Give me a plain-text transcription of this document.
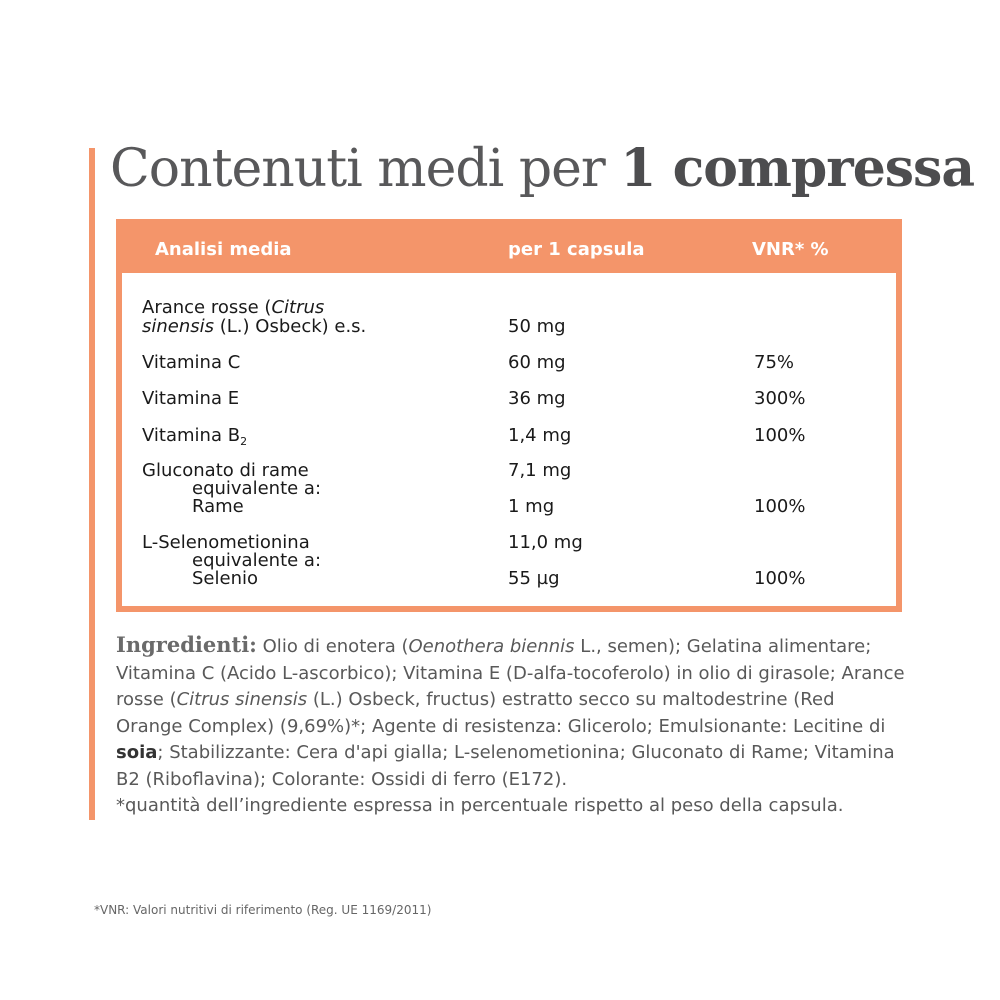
Contenuti medi per 1 compressa
Analisi media	per 1 capsula	VNR* %
Arance rosse (Citrus
sinensis (L.) Osbeck) e.s.	50 mg
Vitamina C	60 mg	75%
Vitamina E	36 mg	300%
Vitamina $B_2$	1,4 mg	100%
Gluconato di rame	7,1 mg
equivalente a:
Rame	1 mg	100%
L-Selenometionina	11,0 mg
equivalente a:
Selenio	55 µg	100%
Ingredienti: Olio di enotera (Oenothera biennis L., semen); Gelatina alimentare; Vitamina C (Acido L-ascorbico); Vitamina E (D-alfa-tocoferolo) in olio di girasole; Arance rosse (Citrus sinensis (L.) Osbeck, fructus) estratto secco su maltodestrine (Red Orange Complex) (9,69%)*; Agente di resistenza: Glicerolo; Emulsionante: Lecitine di soia; Stabilizzante: Cera d'api gialla; L-selenometionina; Gluconato di Rame; Vitamina B2 (Riboflavina); Colorante: Ossidi di ferro (E172).
*quantità dell’ingrediente espressa in percentuale rispetto al peso della capsula.
*VNR: Valori nutritivi di riferimento (Reg. UE 1169/2011)
